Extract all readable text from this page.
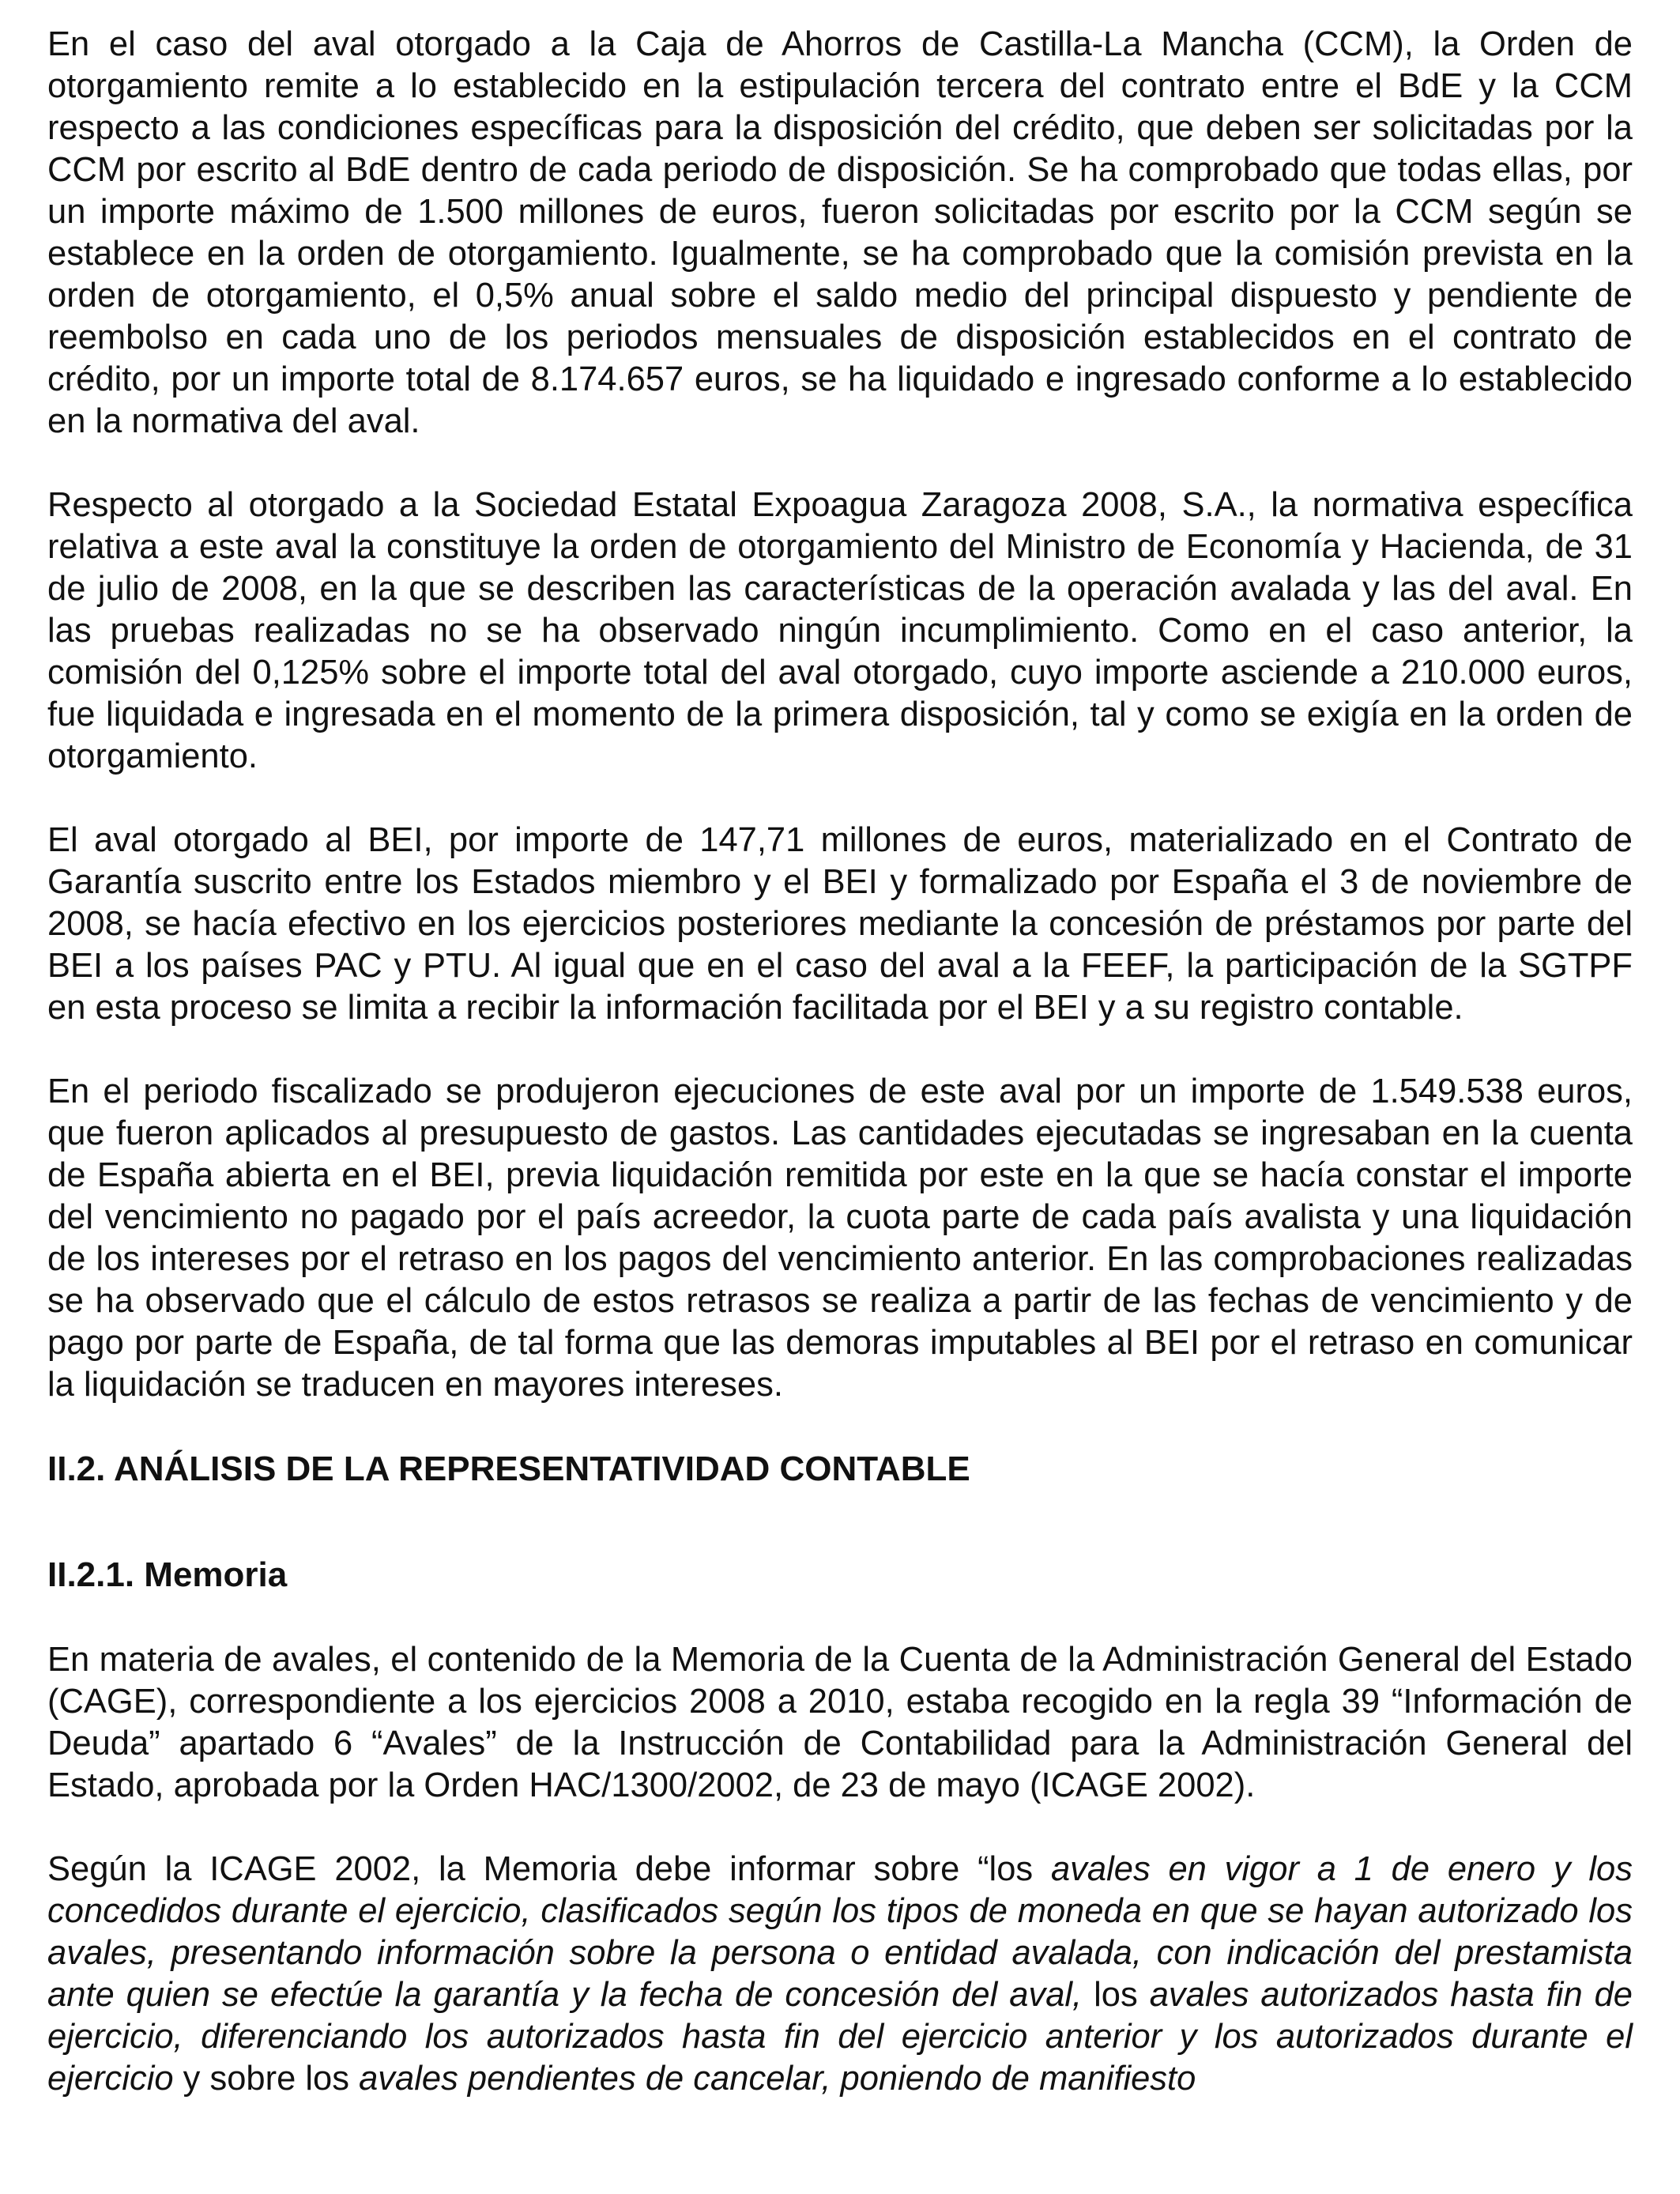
En el caso del aval otorgado a la Caja de Ahorros de Castilla-La Mancha (CCM), la Orden de otorgamiento remite a lo establecido en la estipulación tercera del contrato entre el BdE y la CCM respecto a las condiciones específicas para la disposición del crédito, que deben ser solicitadas por la CCM por escrito al BdE dentro de cada periodo de disposición. Se ha comprobado que todas ellas, por un importe máximo de 1.500 millones de euros, fueron solicitadas por escrito por la CCM según se establece en la orden de otorgamiento. Igualmente, se ha comprobado que la comisión prevista en la orden de otorgamiento, el 0,5% anual sobre el saldo medio del principal dispuesto y pendiente de reembolso en cada uno de los periodos mensuales de disposición establecidos en el contrato de crédito, por un importe total de 8.174.657 euros, se ha liquidado e ingresado conforme a lo establecido en la normativa del aval.

Respecto al otorgado a la Sociedad Estatal Expoagua Zaragoza 2008, S.A., la normativa específica relativa a este aval la constituye la orden de otorgamiento del Ministro de Economía y Hacienda, de 31 de julio de 2008, en la que se describen las características de la operación avalada y las del aval. En las pruebas realizadas no se ha observado ningún incumplimiento. Como en el caso anterior, la comisión del 0,125% sobre el importe total del aval otorgado, cuyo importe asciende a 210.000 euros, fue liquidada e ingresada en el momento de la primera disposición, tal y como se exigía en la orden de otorgamiento.

El aval otorgado al BEI, por importe de 147,71 millones de euros, materializado en el Contrato de Garantía suscrito entre los Estados miembro y el BEI y formalizado por España el 3 de noviembre de 2008, se hacía efectivo en los ejercicios posteriores mediante la concesión de préstamos por parte del BEI a los países PAC y PTU. Al igual que en el caso del aval a la FEEF, la participación de la SGTPF en esta proceso se limita a recibir la información facilitada por el BEI y a su registro contable.

En el periodo fiscalizado se produjeron ejecuciones de este aval por un importe de 1.549.538 euros, que fueron aplicados al presupuesto de gastos. Las cantidades ejecutadas se ingresaban en la cuenta de España abierta en el BEI, previa liquidación remitida por este en la que se hacía constar el importe del vencimiento no pagado por el país acreedor, la cuota parte de cada país avalista y una liquidación de los intereses por el retraso en los pagos del vencimiento anterior. En las comprobaciones realizadas se ha observado que el cálculo de estos retrasos se realiza a partir de las fechas de vencimiento y de pago por parte de España, de tal forma que las demoras imputables al BEI por el retraso en comunicar la liquidación se traducen en mayores intereses.

II.2. ANÁLISIS DE LA REPRESENTATIVIDAD CONTABLE
II.2.1. Memoria

En materia de avales, el contenido de la Memoria de la Cuenta de la Administración General del Estado (CAGE), correspondiente a los ejercicios 2008 a 2010, estaba recogido en la regla 39 “Información de Deuda” apartado 6 “Avales” de la Instrucción de Contabilidad para la Administración General del Estado, aprobada por la Orden HAC/1300/2002, de 23 de mayo (ICAGE 2002).

Según la ICAGE 2002, la Memoria debe informar sobre “los avales en vigor a 1 de enero y los concedidos durante el ejercicio, clasificados según los tipos de moneda en que se hayan autorizado los avales, presentando información sobre la persona o entidad avalada, con indicación del prestamista ante quien se efectúe la garantía y la fecha de concesión del aval, los avales autorizados hasta fin de ejercicio, diferenciando los autorizados hasta fin del ejercicio anterior y los autorizados durante el ejercicio y sobre los avales pendientes de cancelar, poniendo de manifiesto
